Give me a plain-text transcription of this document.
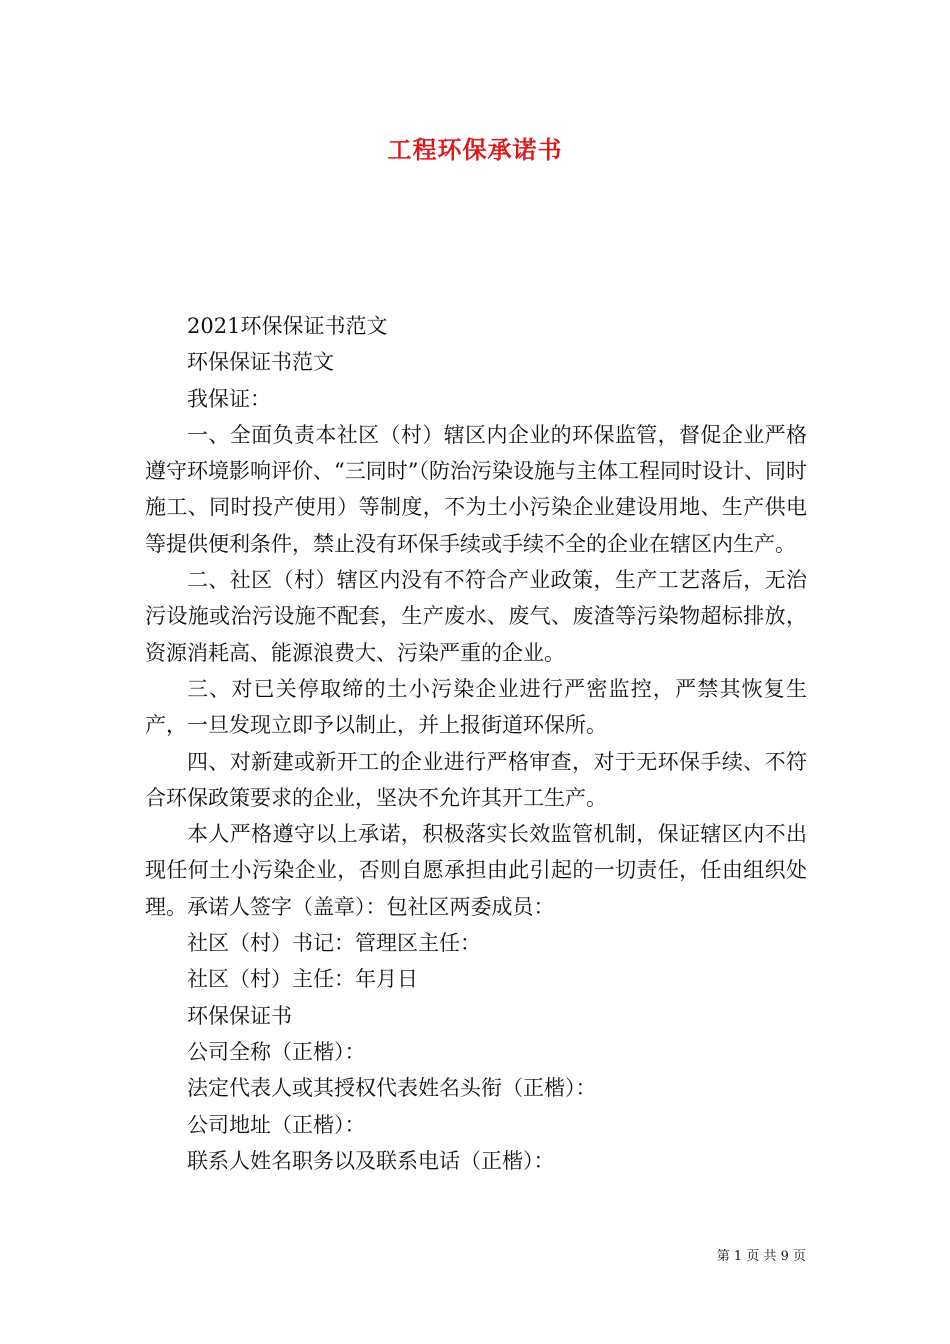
工程环保承诺书

2021环保保证书范文

环保保证书范文

我保证：

一、全面负责本社区（村）辖区内企业的环保监管，督促企业严格遵守环境影响评价、“三同时”（防治污染设施与主体工程同时设计、同时施工、同时投产使用）等制度，不为土小污染企业建设用地、生产供电等提供便利条件，禁止没有环保手续或手续不全的企业在辖区内生产。

二、社区（村）辖区内没有不符合产业政策，生产工艺落后，无治污设施或治污设施不配套，生产废水、废气、废渣等污染物超标排放，资源消耗高、能源浪费大、污染严重的企业。

三、对已关停取缔的土小污染企业进行严密监控，严禁其恢复生产，一旦发现立即予以制止，并上报街道环保所。

四、对新建或新开工的企业进行严格审查，对于无环保手续、不符合环保政策要求的企业，坚决不允许其开工生产。

本人严格遵守以上承诺，积极落实长效监管机制，保证辖区内不出现任何土小污染企业，否则自愿承担由此引起的一切责任，任由组织处理。承诺人签字（盖章）：包社区两委成员：

社区（村）书记：管理区主任：

社区（村）主任：年月日

环保保证书

公司全称（正楷）：

法定代表人或其授权代表姓名头衔（正楷）：

公司地址（正楷）：

联系人姓名职务以及联系电话（正楷）：

第 1 页 共 9 页
